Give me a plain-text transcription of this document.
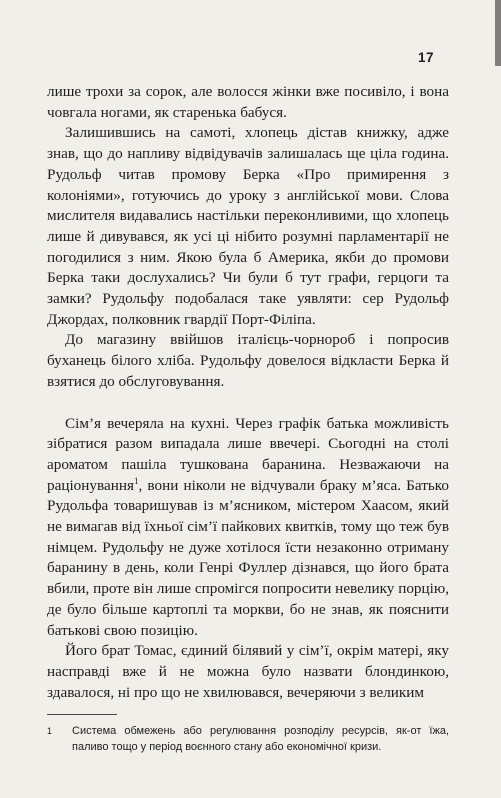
17

лише трохи за сорок, але волосся жінки вже посивіло, і вона човгала ногами, як старенька бабуся.

Залишившись на самоті, хлопець дістав книжку, адже знав, що до напливу відвідувачів залишалась ще ціла година. Рудольф читав промову Берка «Про примирення з колоніями», готуючись до уроку з англійської мови. Слова мислителя видавались настільки переконливими, що хлопець лише й дивувався, як усі ці нібито розумні парламентарії не погодилися з ним. Якою була б Америка, якби до промови Берка таки дослухались? Чи були б тут графи, герцоги та замки? Рудольфу подобалася таке уявляти: сер Рудольф Джордах, полковник гвардії Порт-Філіпа.

До магазину ввійшов італієць-чорнороб і попросив буханець білого хліба. Рудольфу довелося відкласти Берка й взятися до обслуговування.

Сім’я вечеряла на кухні. Через графік батька можливість зібратися разом випадала лише ввечері. Сьогодні на столі ароматом пашіла тушкована баранина. Незважаючи на раціонування$^1$, вони ніколи не відчували браку м’яса. Батько Рудольфа товаришував із м’ясником, містером Хаасом, який не вимагав від їхньої сім’ї пайкових квитків, тому що теж був німцем. Рудольфу не дуже хотілося їсти незаконно отриману баранину в день, коли Генрі Фуллер дізнався, що його брата вбили, проте він лише спромігся попросити невелику порцію, де було більше картоплі та моркви, бо не знав, як пояснити батькові свою позицію.

Його брат Томас, єдиний білявий у сім’ї, окрім матері, яку насправді вже й не можна було назвати блондинкою, здавалося, ні про що не хвилювався, вечеряючи з великим

1	Система обмежень або регулювання розподілу ресурсів, як-от їжа, паливо тощо у період воєнного стану або економічної кризи.
